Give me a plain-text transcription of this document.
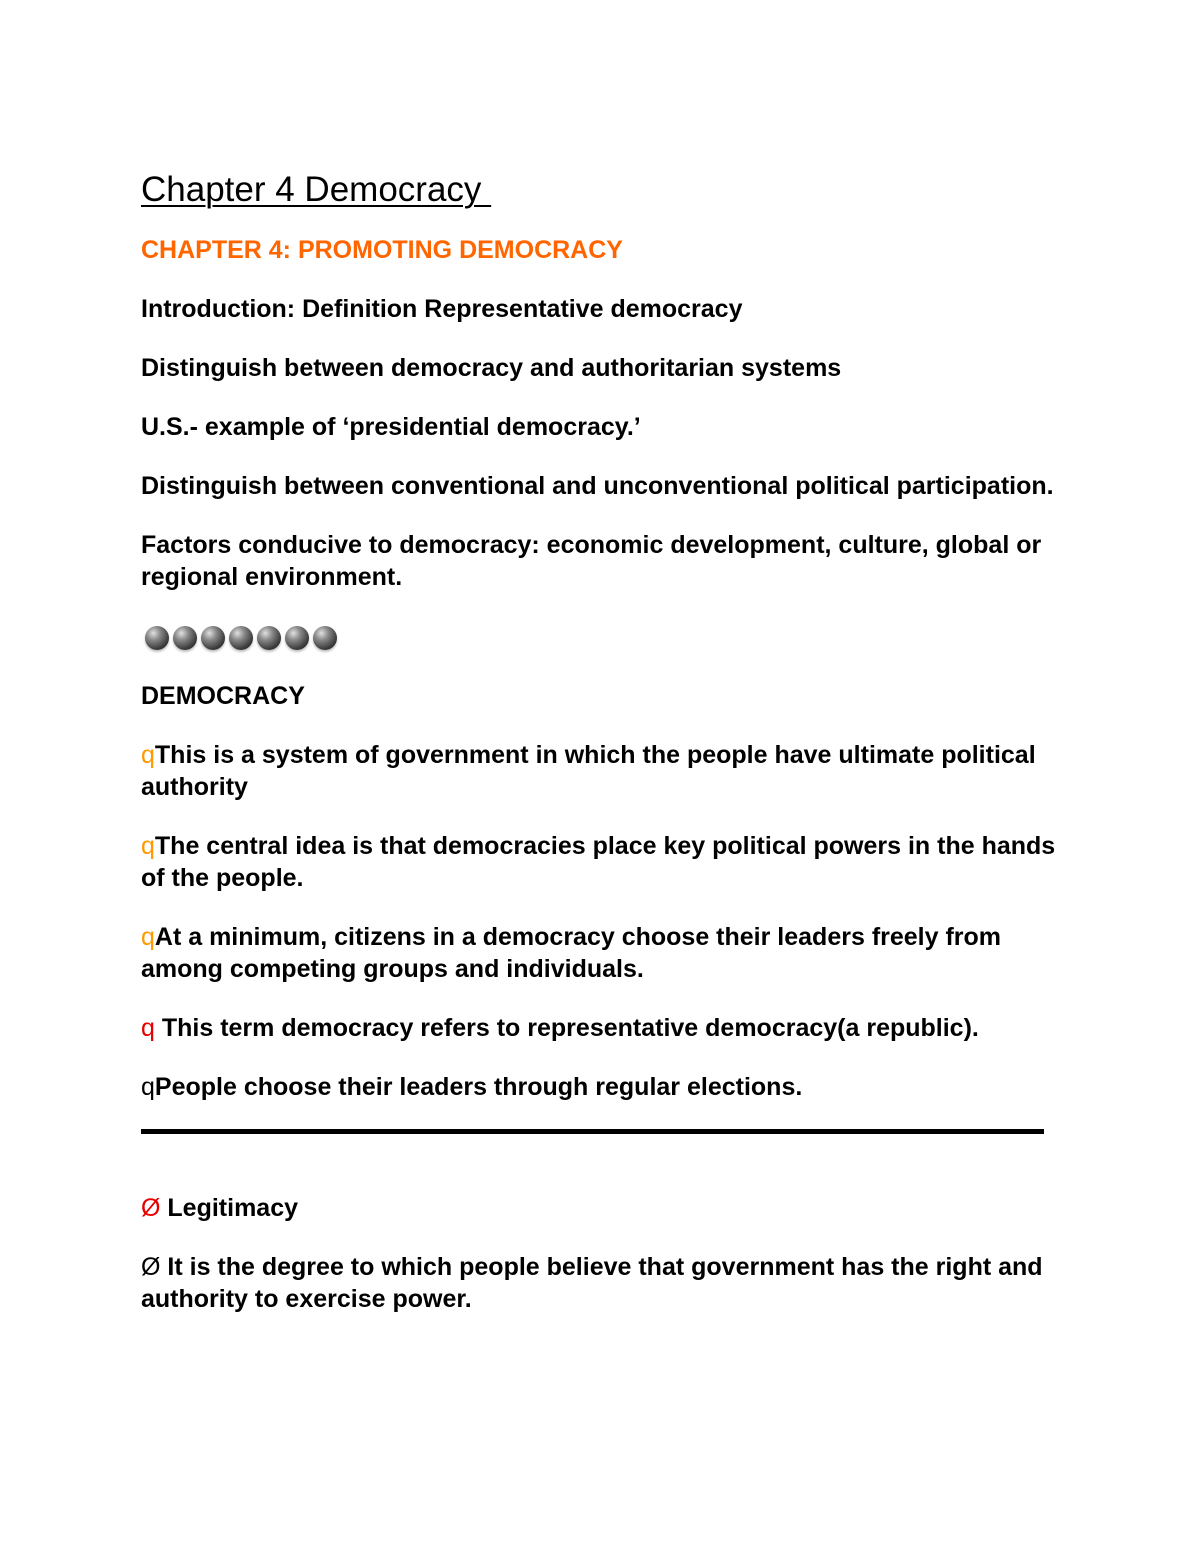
Chapter 4 Democracy
CHAPTER 4: PROMOTING DEMOCRACY

Introduction: Definition Representative democracy

Distinguish between democracy and authoritarian systems

U.S.- example of ‘presidential democracy.’

Distinguish between conventional and unconventional political participation.

Factors conducive to democracy: economic development, culture, global or regional environment.

DEMOCRACY

qThis is a system of government in which the people have ultimate political authority

qThe central idea is that democracies place key political powers in the hands of the people.

qAt a minimum, citizens in a democracy choose their leaders freely from among competing groups and individuals.

q This term democracy refers to representative democracy(a republic).

qPeople choose their leaders through regular elections.

Ø Legitimacy

Ø It is the degree to which people believe that government has the right and authority to exercise power.
